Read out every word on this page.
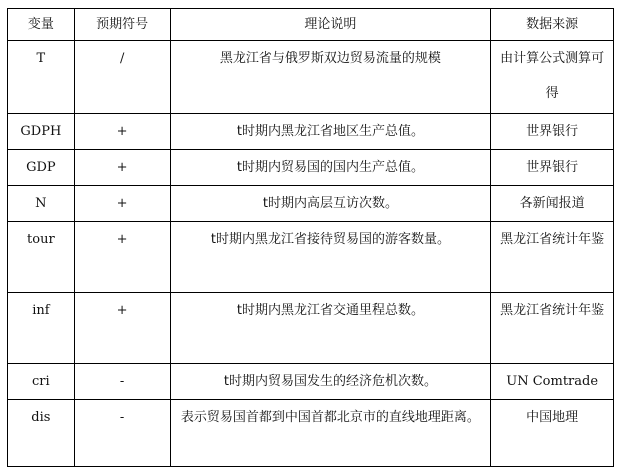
变量	预期符号	理论说明	数据来源
T	/	黑龙江省与俄罗斯双边贸易流量的规模	由计算公式测算可得
GDPH	+	t时期内黑龙江省地区生产总值。	世界银行
GDP	+	t时期内贸易国的国内生产总值。	世界银行
N	+	t时期内高层互访次数。	各新闻报道
tour	+	t时期内黑龙江省接待贸易国的游客数量。	黑龙江省统计年鉴
inf	+	t时期内黑龙江省交通里程总数。	黑龙江省统计年鉴
cri	-	t时期内贸易国发生的经济危机次数。	UN Comtrade
dis	-	表示贸易国首都到中国首都北京市的直线地理距离。	中国地理
